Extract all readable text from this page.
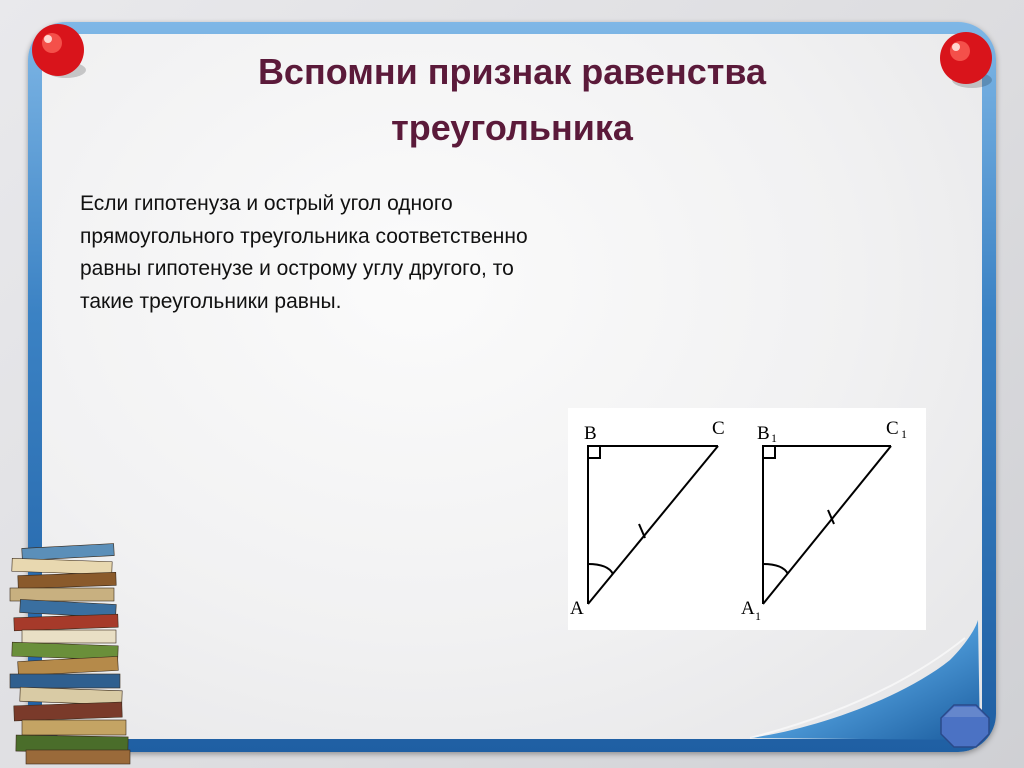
Вспомни признак равенства
треугольника
Если гипотенуза и острый угол одного прямоугольного треугольника соответственно равны гипотенузе и острому углу другого, то такие треугольники равны.
B	C
A
B 1	C 1
A 1
